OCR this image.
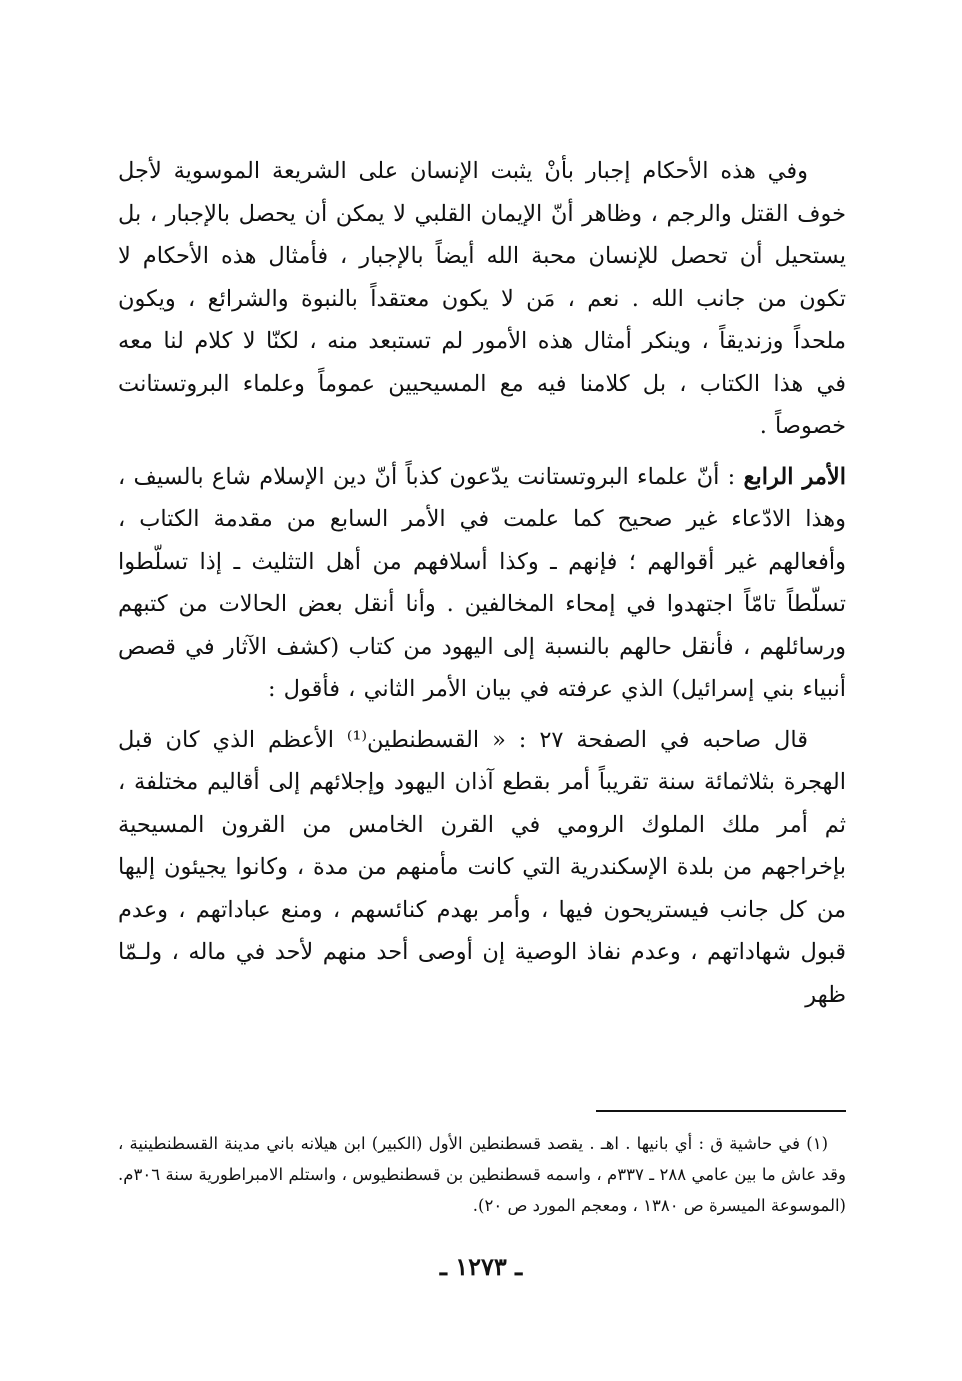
وفي هذه الأحكام إجبار بأنْ يثبت الإنسان على الشريعة الموسوية لأجل خوف القتل والرجم ، وظاهر أنّ الإيمان القلبي لا يمكن أن يحصل بالإجبار ، بل يستحيل أن تحصل للإنسان محبة الله أيضاً بالإجبار ، فأمثال هذه الأحكام لا تكون من جانب الله . نعم ، مَن لا يكون معتقداً بالنبوة والشرائع ، ويكون ملحداً وزنديقاً ، وينكر أمثال هذه الأمور لم تستبعد منه ، لكنّا لا كلام لنا معه في هذا الكتاب ، بل كلامنا فيه مع المسيحيين عموماً وعلماء البروتستانت خصوصاً .

الأمر الرابع : أنّ علماء البروتستانت يدّعون كذباً أنّ دين الإسلام شاع بالسيف ، وهذا الادّعاء غير صحيح كما علمت في الأمر السابع من مقدمة الكتاب ، وأفعالهم غير أقوالهم ؛ فإنهم ـ وكذا أسلافهم من أهل التثليث ـ إذا تسلّطوا تسلّطاً تامّاً اجتهدوا في إمحاء المخالفين . وأنا أنقل بعض الحالات من كتبهم ورسائلهم ، فأنقل حالهم بالنسبة إلى اليهود من كتاب (كشف الآثار في قصص أنبياء بني إسرائيل) الذي عرفته في بيان الأمر الثاني ، فأقول :

قال صاحبه في الصفحة ٢٧ : « القسطنطين⁽¹⁾ الأعظم الذي كان قبل الهجرة بثلاثمائة سنة تقريباً أمر بقطع آذان اليهود وإجلائهم إلى أقاليم مختلفة ، ثم أمر ملك الملوك الرومي في القرن الخامس من القرون المسيحية بإخراجهم من بلدة الإسكندرية التي كانت مأمنهم من مدة ، وكانوا يجيئون إليها من كل جانب فيستريحون فيها ، وأمر بهدم كنائسهم ، ومنع عباداتهم ، وعدم قبول شهاداتهم ، وعدم نفاذ الوصية إن أوصى أحد منهم لأحد في ماله ، ولـمّا ظهر

(١) في حاشية ق : أي بانيها . اهـ . يقصد قسطنطين الأول (الكبير) ابن هيلانه باني مدينة القسطنطينية ، وقد عاش ما بين عامي ٢٨٨ ـ ٣٣٧م ، واسمه قسطنطين بن قسطنطيوس ، واستلم الامبراطورية سنة ٣٠٦م. (الموسوعة الميسرة ص ١٣٨٠ ، ومعجم المورد ص ٢٠).

ـ ١٢٧٣ ـ
